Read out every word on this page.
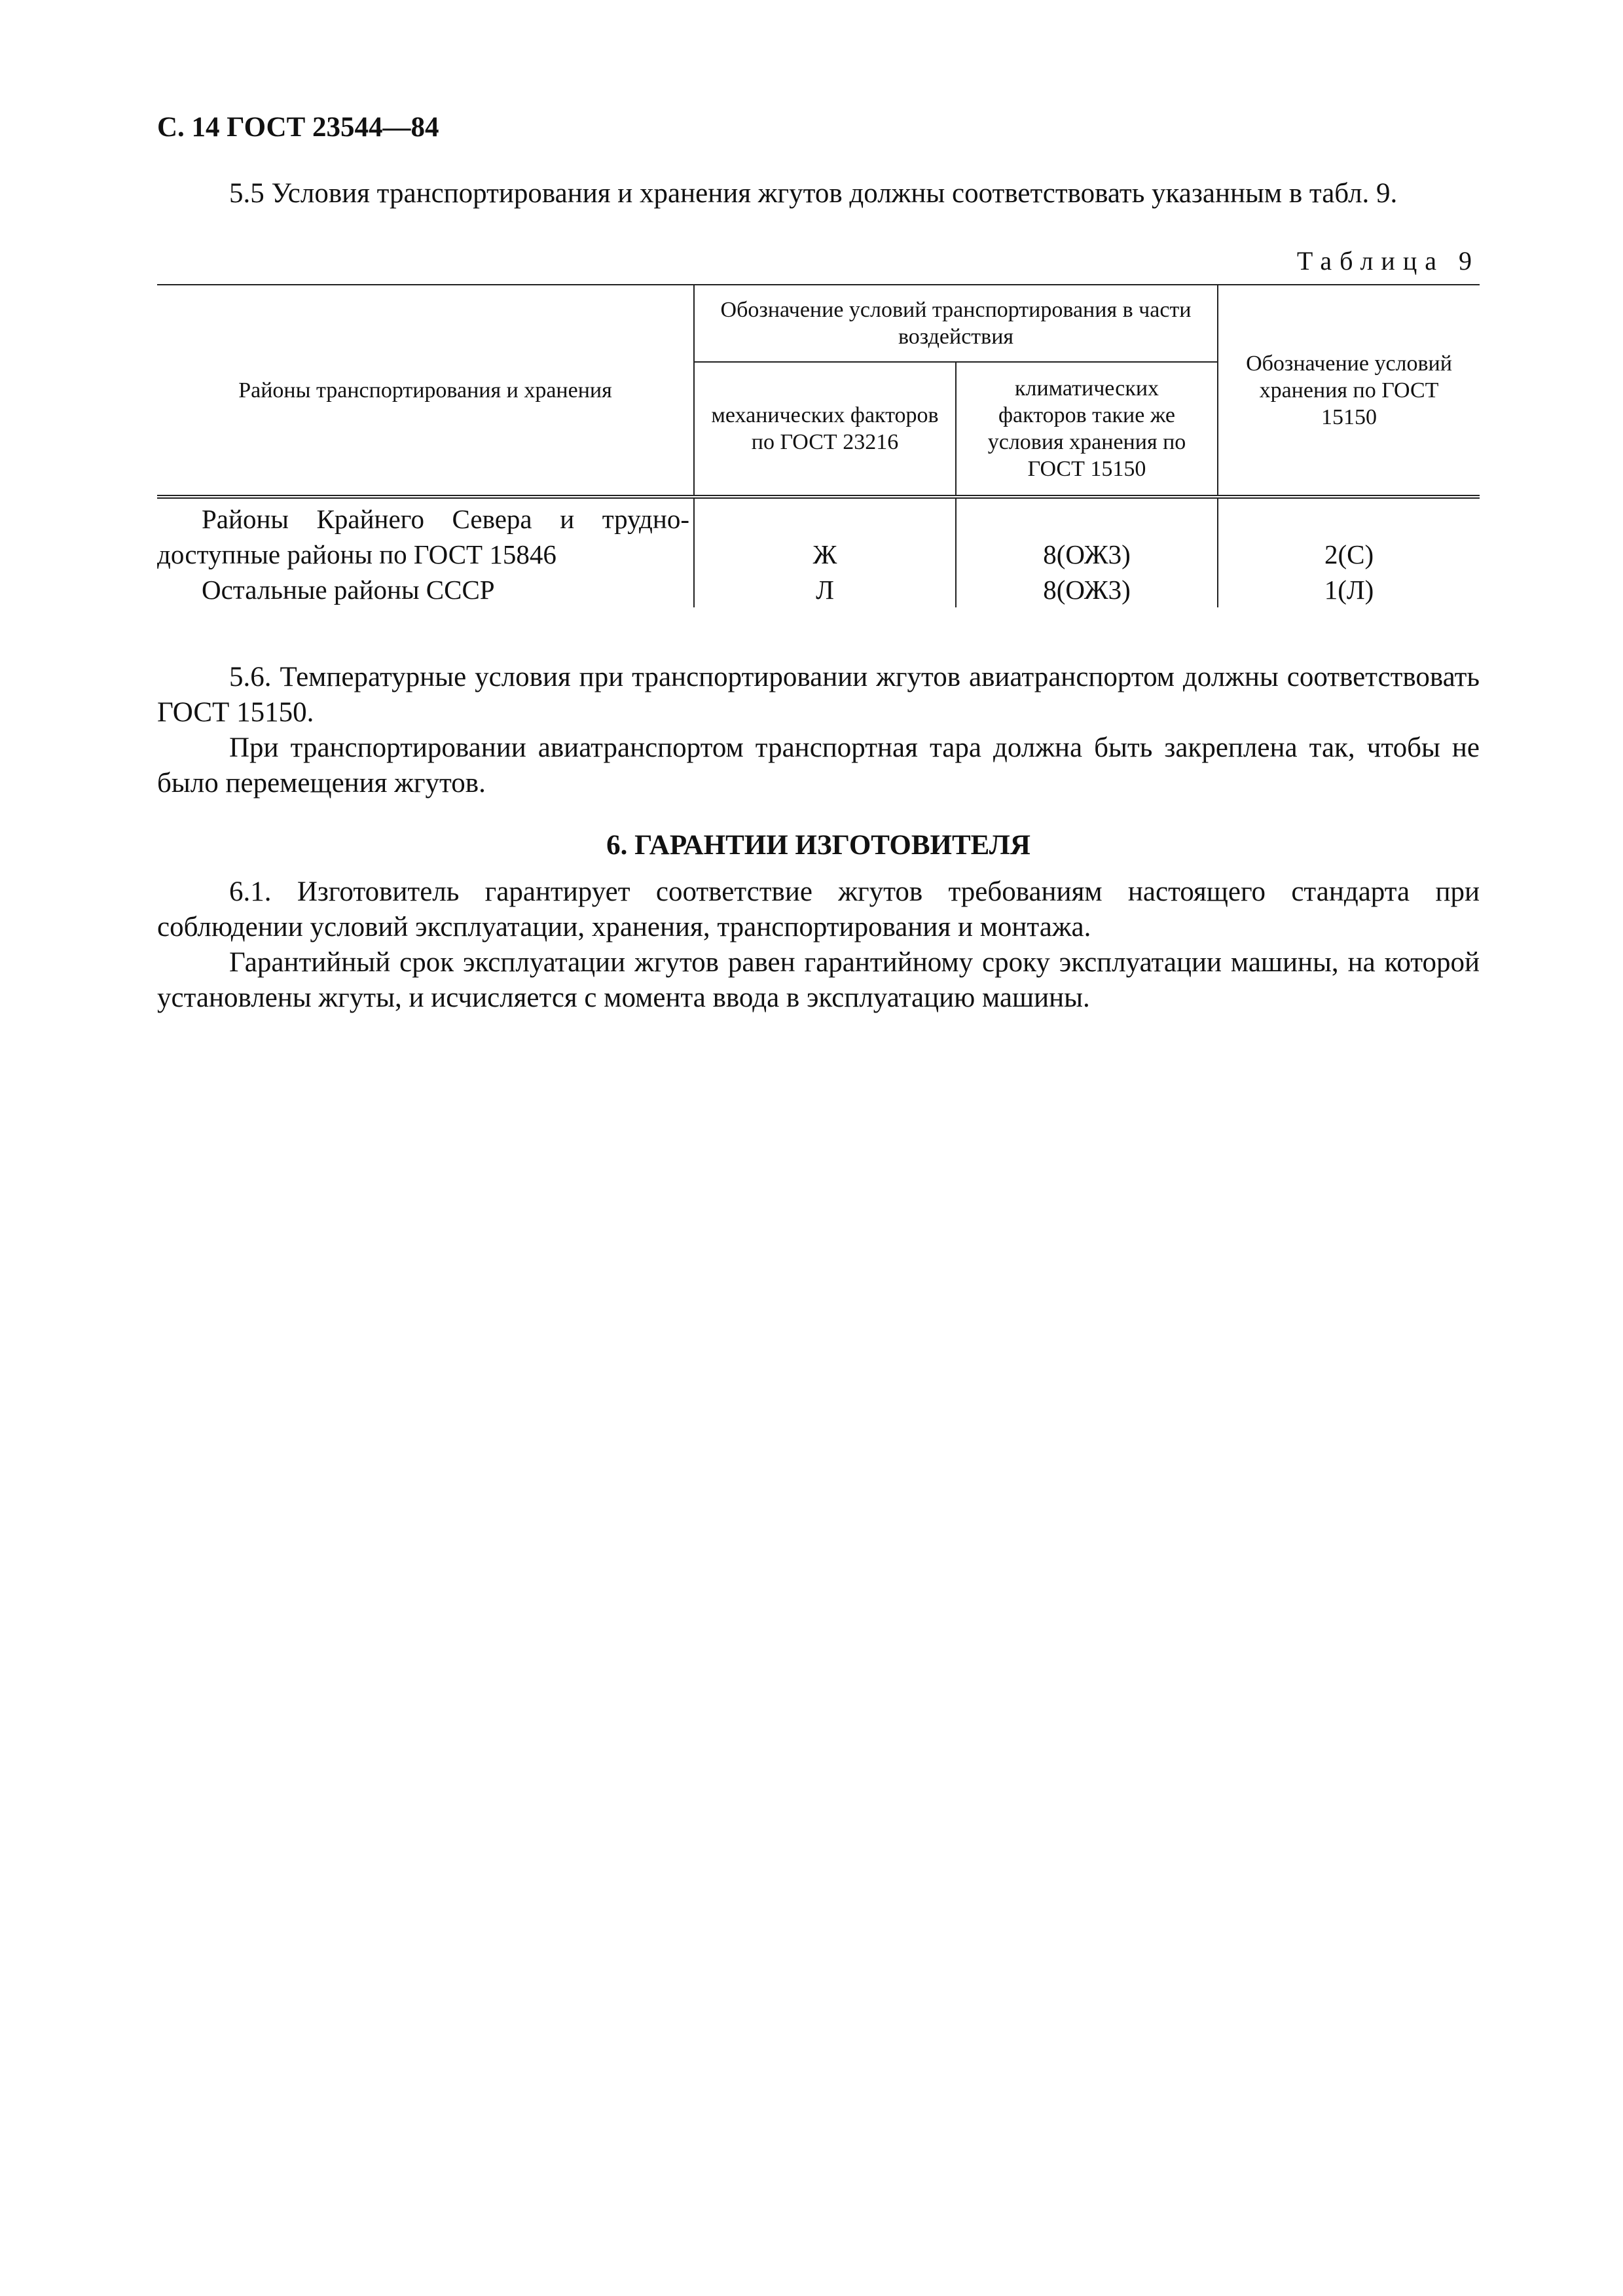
С. 14 ГОСТ 23544—84

5.5 Условия транспортирования и хранения жгутов должны соответствовать указанным в табл. 9.

Таблица 9
Районы транспортирования и хранения	Обозначение условий транспортирования в части воздействия		Обозначение условий хранения по ГОСТ 15150
	механических факторов по ГОСТ 23216	климатических факторов такие же условия хранения по ГОСТ 15150	

Районы Крайнего Севера и трудно-
доступные районы по ГОСТ 15846	Ж	8(ОЖ3)	2(С)

Остальные районы СССР	Л	8(ОЖ3)	1(Л)

5.6. Температурные условия при транспортировании жгутов авиатранспортом должны соответствовать ГОСТ 15150.

При транспортировании авиатранспортом транспортная тара должна быть закреплена так, чтобы не было перемещения жгутов.

6. ГАРАНТИИ ИЗГОТОВИТЕЛЯ

6.1. Изготовитель гарантирует соответствие жгутов требованиям настоящего стандарта при соблюдении условий эксплуатации, хранения, транспортирования и монтажа.

Гарантийный срок эксплуатации жгутов равен гарантийному сроку эксплуатации машины, на которой установлены жгуты, и исчисляется с момента ввода в эксплуатацию машины.
